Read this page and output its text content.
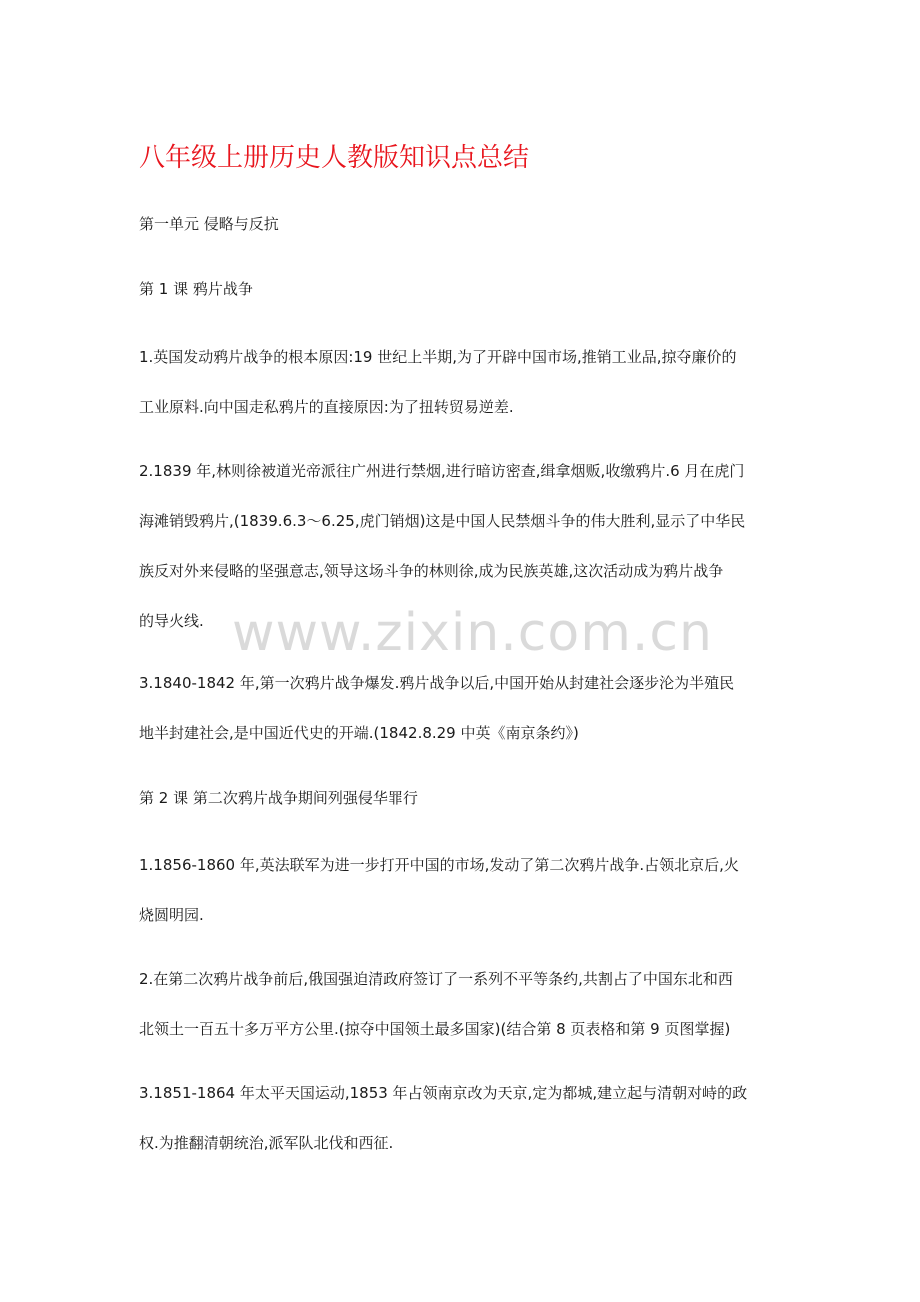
八年级上册历史人教版知识点总结
第一单元 侵略与反抗
第 1 课 鸦片战争
1.英国发动鸦片战争的根本原因:19 世纪上半期,为了开辟中国市场,推销工业品,掠夺廉价的
工业原料.向中国走私鸦片的直接原因:为了扭转贸易逆差.
2.1839 年,林则徐被道光帝派往广州进行禁烟,进行暗访密查,缉拿烟贩,收缴鸦片.6 月在虎门
海滩销毁鸦片,(1839.6.3～6.25,虎门销烟)这是中国人民禁烟斗争的伟大胜利,显示了中华民
族反对外来侵略的坚强意志,领导这场斗争的林则徐,成为民族英雄,这次活动成为鸦片战争
的导火线.
3.1840-1842 年,第一次鸦片战争爆发.鸦片战争以后,中国开始从封建社会逐步沦为半殖民
地半封建社会,是中国近代史的开端.(1842.8.29 中英《南京条约》)
第 2 课 第二次鸦片战争期间列强侵华罪行
1.1856-1860 年,英法联军为进一步打开中国的市场,发动了第二次鸦片战争.占领北京后,火
烧圆明园.
2.在第二次鸦片战争前后,俄国强迫清政府签订了一系列不平等条约,共割占了中国东北和西
北领土一百五十多万平方公里.(掠夺中国领土最多国家)(结合第 8 页表格和第 9 页图掌握)
3.1851-1864 年太平天国运动,1853 年占领南京改为天京,定为都城,建立起与清朝对峙的政
权.为推翻清朝统治,派军队北伐和西征.
www.zixin.com.cn
